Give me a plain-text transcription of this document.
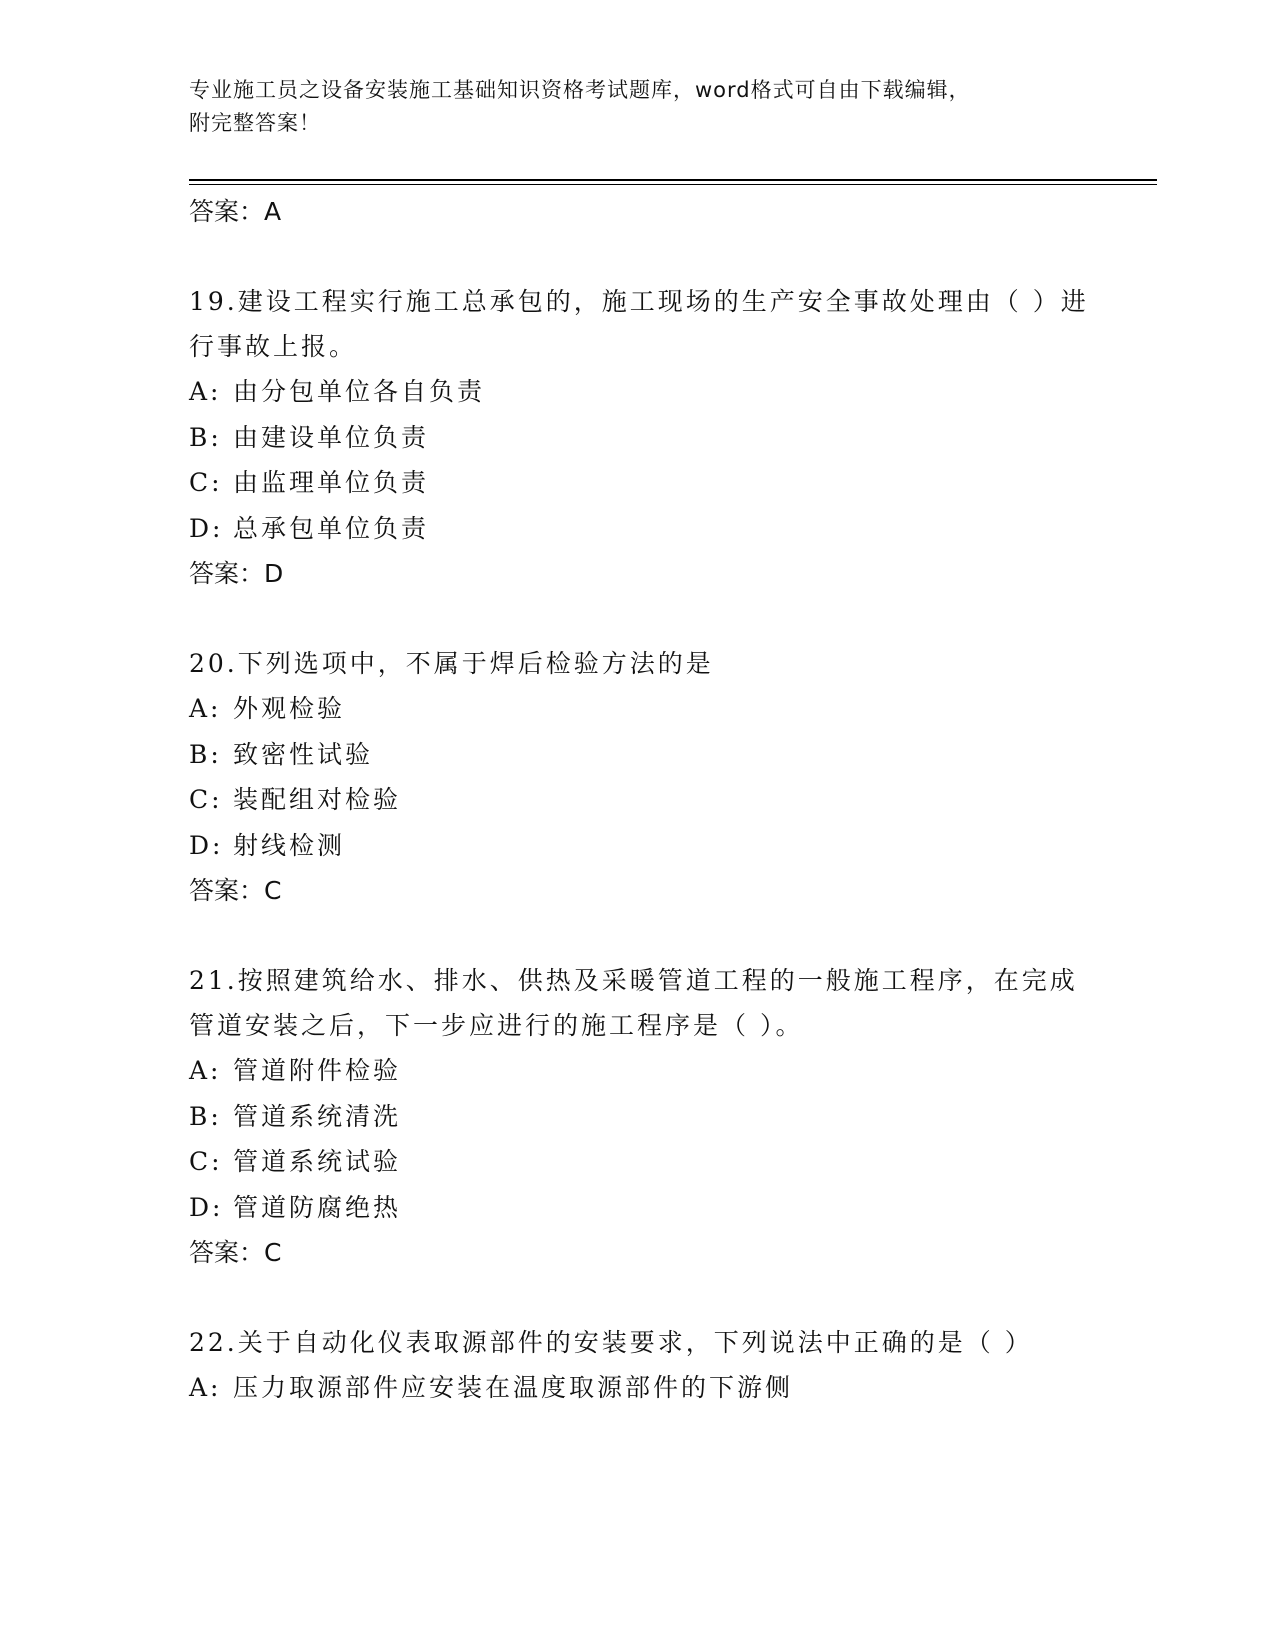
专业施工员之设备安装施工基础知识资格考试题库，word格式可自由下载编辑，
附完整答案！
答案：A
19.建设工程实行施工总承包的，施工现场的生产安全事故处理由（ ）进行事故上报。
A: 由分包单位各自负责
B: 由建设单位负责
C: 由监理单位负责
D: 总承包单位负责
答案：D
20.下列选项中，不属于焊后检验方法的是
A: 外观检验
B: 致密性试验
C: 装配组对检验
D: 射线检测
答案：C
21.按照建筑给水、排水、供热及采暖管道工程的一般施工程序，在完成管道安装之后，下一步应进行的施工程序是（ ）。
A: 管道附件检验
B: 管道系统清洗
C: 管道系统试验
D: 管道防腐绝热
答案：C
22.关于自动化仪表取源部件的安装要求，下列说法中正确的是（ ）
A: 压力取源部件应安装在温度取源部件的下游侧
